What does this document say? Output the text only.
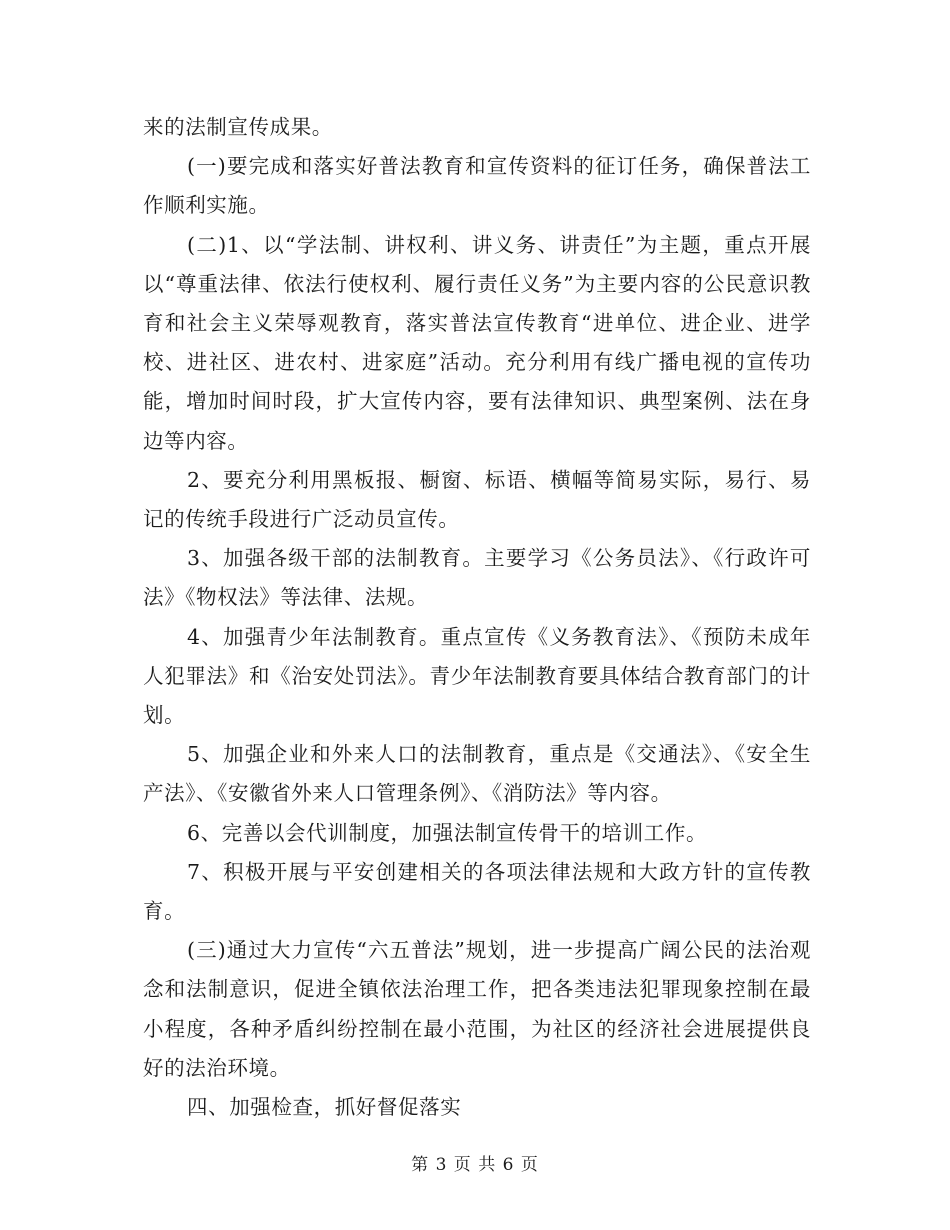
来的法制宣传成果。

(一)要完成和落实好普法教育和宣传资料的征订任务，确保普法工作顺利实施。

(二)1、以“学法制、讲权利、讲义务、讲责任”为主题，重点开展以“尊重法律、依法行使权利、履行责任义务”为主要内容的公民意识教育和社会主义荣辱观教育，落实普法宣传教育“进单位、进企业、进学校、进社区、进农村、进家庭”活动。充分利用有线广播电视的宣传功能，增加时间时段，扩大宣传内容，要有法律知识、典型案例、法在身边等内容。

2、要充分利用黑板报、橱窗、标语、横幅等简易实际，易行、易记的传统手段进行广泛动员宣传。

3、加强各级干部的法制教育。主要学习《公务员法》、《行政许可法》《物权法》等法律、法规。

4、加强青少年法制教育。重点宣传《义务教育法》、《预防未成年人犯罪法》和《治安处罚法》。青少年法制教育要具体结合教育部门的计划。

5、加强企业和外来人口的法制教育，重点是《交通法》、《安全生产法》、《安徽省外来人口管理条例》、《消防法》等内容。

6、完善以会代训制度，加强法制宣传骨干的培训工作。

7、积极开展与平安创建相关的各项法律法规和大政方针的宣传教育。

(三)通过大力宣传“六五普法”规划，进一步提高广阔公民的法治观念和法制意识，促进全镇依法治理工作，把各类违法犯罪现象控制在最小程度，各种矛盾纠纷控制在最小范围，为社区的经济社会进展提供良好的法治环境。

四、加强检查，抓好督促落实

第 3 页 共 6 页
